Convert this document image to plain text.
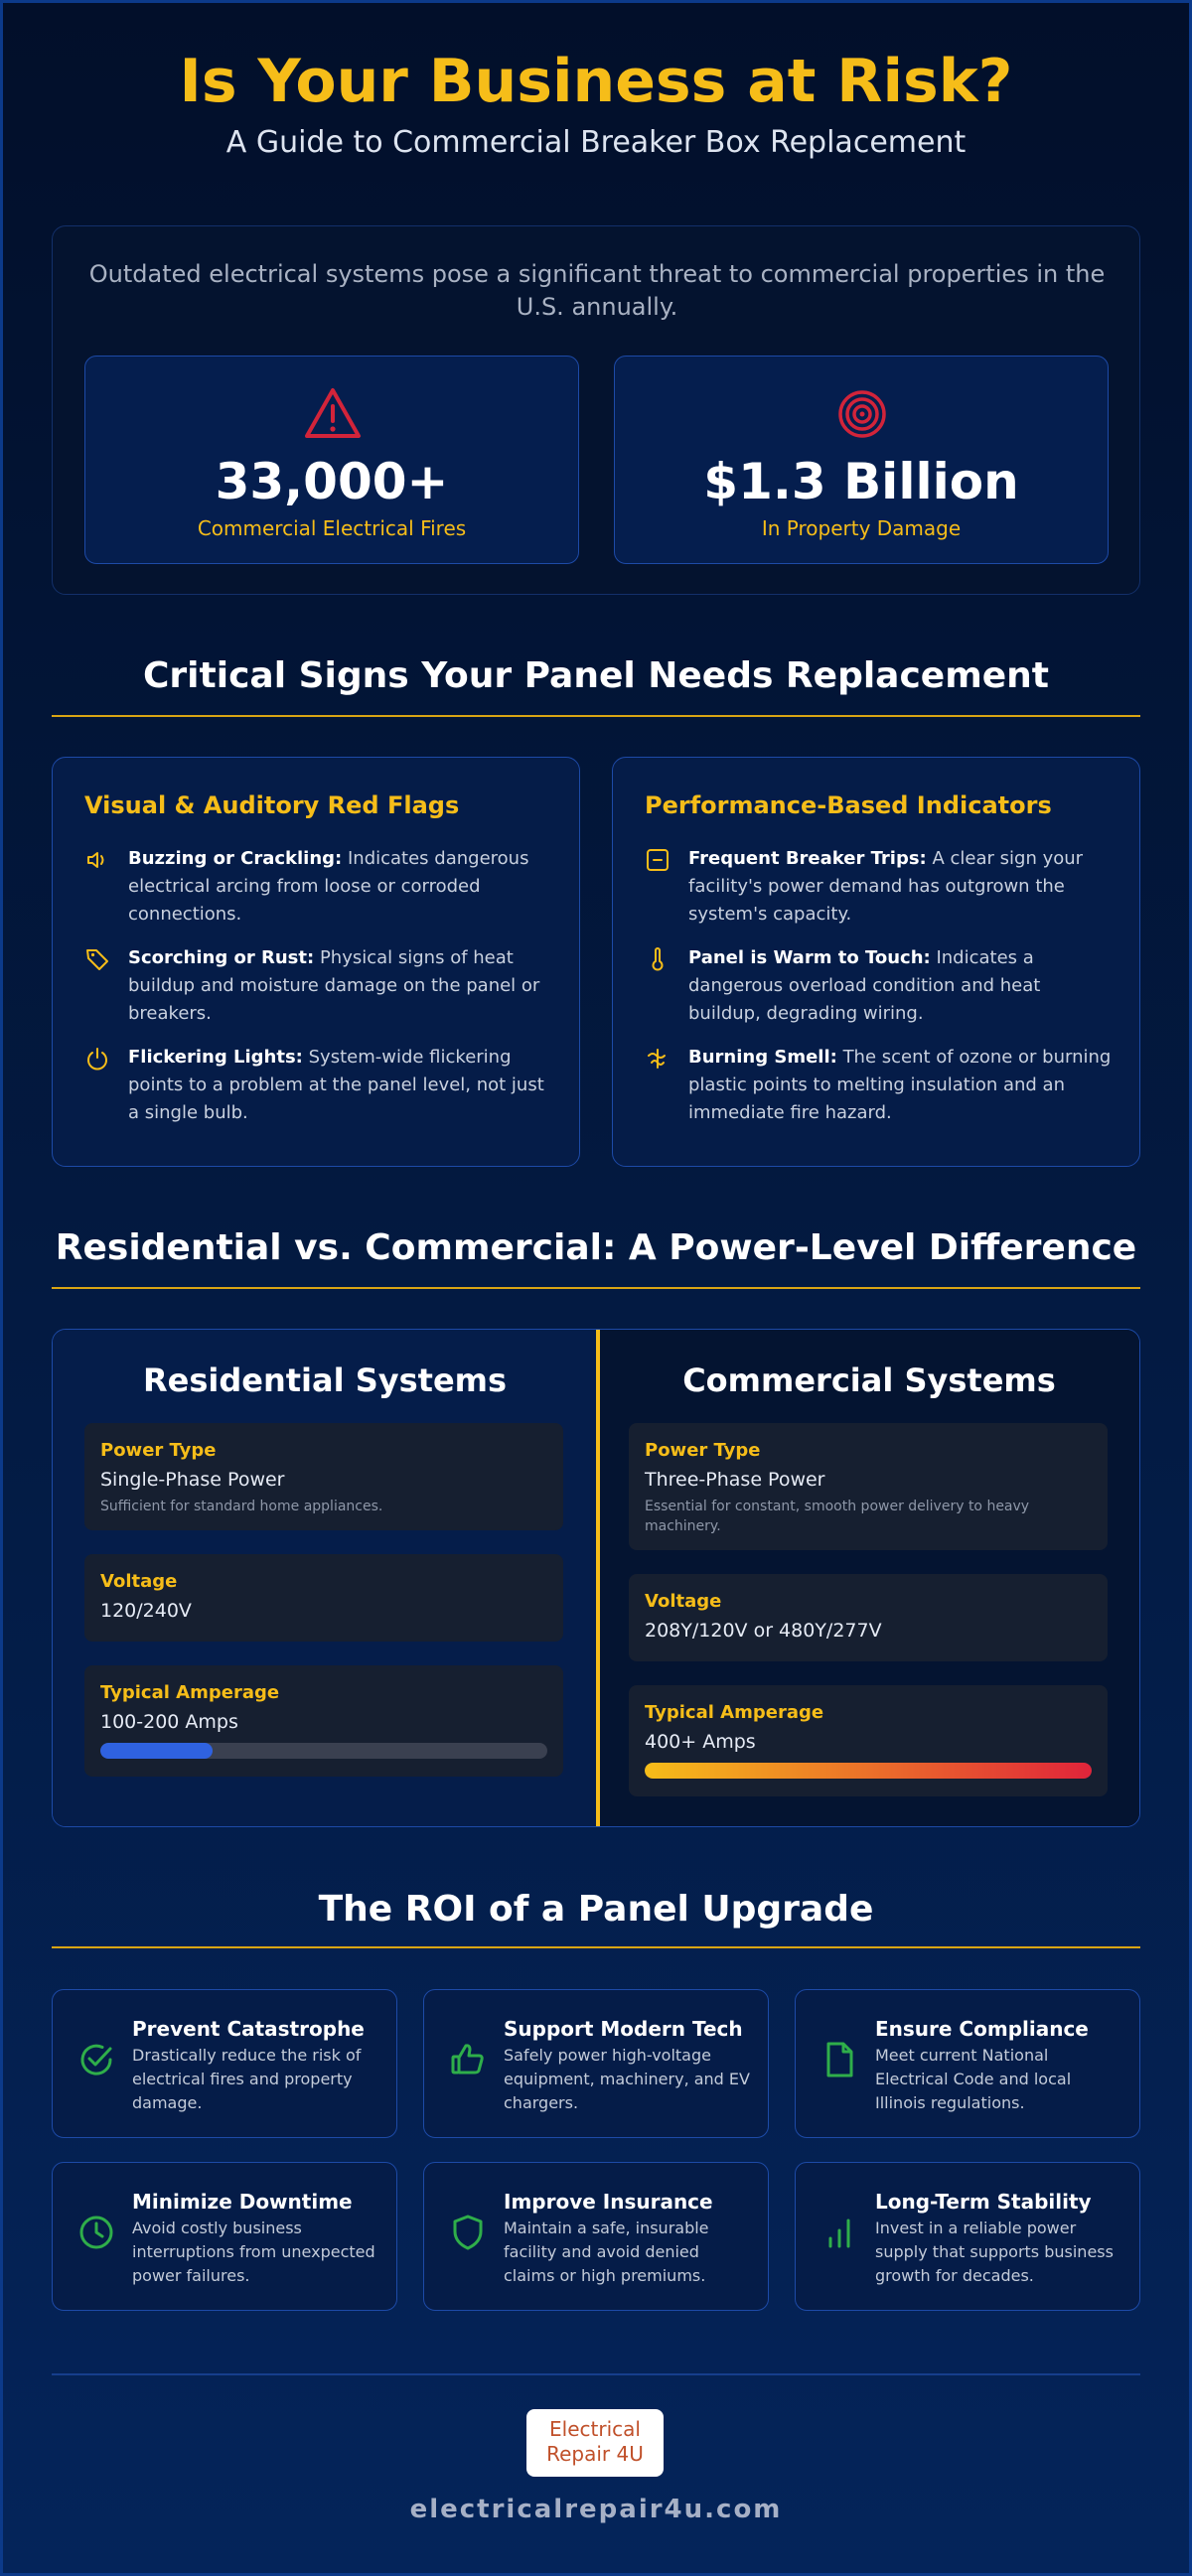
Is Your Business at Risk?
A Guide to Commercial Breaker Box Replacement
Outdated electrical systems pose a significant threat to commercial properties in the U.S. annually.
33,000+
Commercial Electrical Fires
$1.3 Billion
In Property Damage
Critical Signs Your Panel Needs Replacement
Visual & Auditory Red Flags

Buzzing or Crackling: Indicates dangerous electrical arcing from loose or corroded connections.

Scorching or Rust: Physical signs of heat buildup and moisture damage on the panel or breakers.

Flickering Lights: System-wide flickering points to a problem at the panel level, not just a single bulb.

Performance-Based Indicators

Frequent Breaker Trips: A clear sign your facility's power demand has outgrown the system's capacity.

Panel is Warm to Touch: Indicates a dangerous overload condition and heat buildup, degrading wiring.

Burning Smell: The scent of ozone or burning plastic points to melting insulation and an immediate fire hazard.

Residential vs. Commercial: A Power-Level Difference
Residential Systems
Power Type
Single-Phase Power
Sufficient for standard home appliances.
Voltage
120/240V
Typical Amperage
100-200 Amps
Commercial Systems
Power Type
Three-Phase Power
Essential for constant, smooth power delivery to heavy machinery.
Voltage
208Y/120V or 480Y/277V
Typical Amperage
400+ Amps
The ROI of a Panel Upgrade
Prevent Catastrophe

Drastically reduce the risk of electrical fires and property damage.

Support Modern Tech

Safely power high-voltage equipment, machinery, and EV chargers.

Ensure Compliance

Meet current National Electrical Code and local Illinois regulations.

Minimize Downtime

Avoid costly business interruptions from unexpected power failures.

Improve Insurance

Maintain a safe, insurable facility and avoid denied claims or high premiums.

Long-Term Stability

Invest in a reliable power supply that supports business growth for decades.

Electrical
Repair 4U
electricalrepair4u.com
